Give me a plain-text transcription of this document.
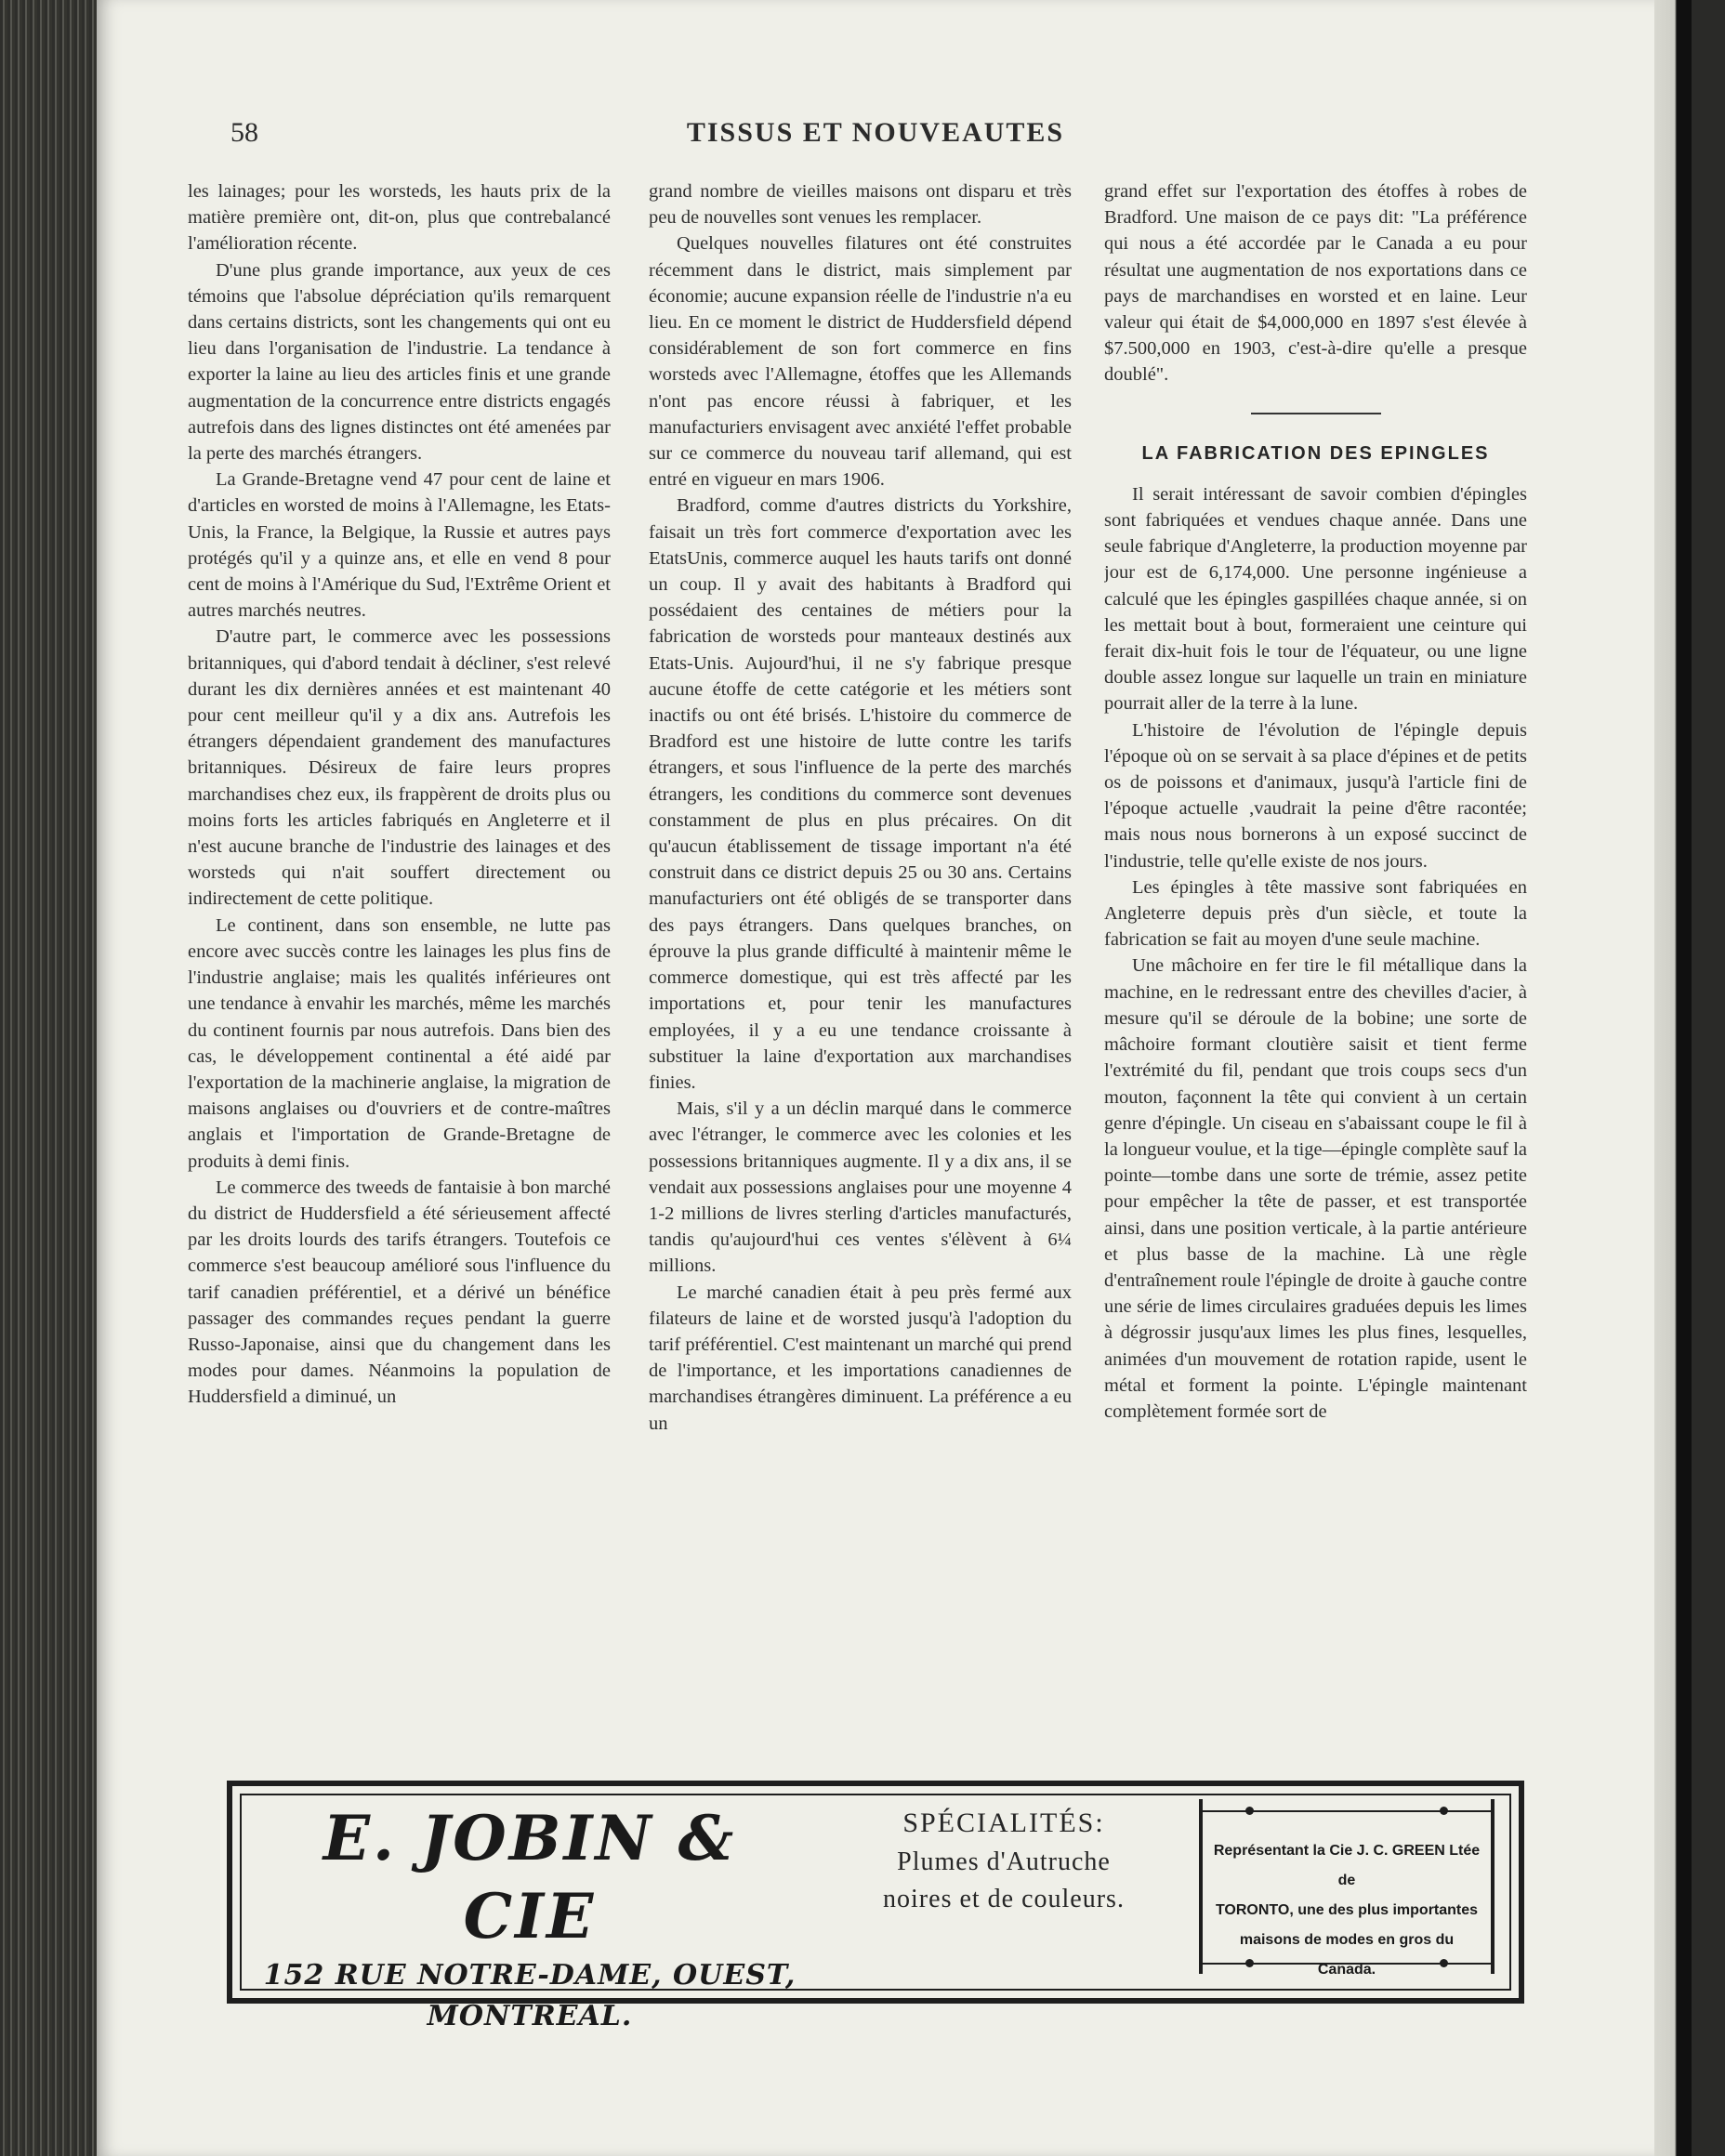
58	TISSUS ET NOUVEAUTES

les lainages; pour les worsteds, les hauts prix de la matière première ont, dit-on, plus que contrebalancé l'amélioration récente.

D'une plus grande importance, aux yeux de ces témoins que l'absolue dépréciation qu'ils remarquent dans certains districts, sont les changements qui ont eu lieu dans l'organisation de l'industrie. La tendance à exporter la laine au lieu des articles finis et une grande augmentation de la concurrence entre districts engagés autrefois dans des lignes distinctes ont été amenées par la perte des marchés étrangers.

La Grande-Bretagne vend 47 pour cent de laine et d'articles en worsted de moins à l'Allemagne, les Etats-Unis, la France, la Belgique, la Russie et autres pays protégés qu'il y a quinze ans, et elle en vend 8 pour cent de moins à l'Amérique du Sud, l'Extrême Orient et autres marchés neutres.

D'autre part, le commerce avec les possessions britanniques, qui d'abord tendait à décliner, s'est relevé durant les dix dernières années et est maintenant 40 pour cent meilleur qu'il y a dix ans. Autrefois les étrangers dépendaient grandement des manufactures britanniques. Désireux de faire leurs propres marchandises chez eux, ils frappèrent de droits plus ou moins forts les articles fabriqués en Angleterre et il n'est aucune branche de l'industrie des lainages et des worsteds qui n'ait souffert directement ou indirectement de cette politique.

Le continent, dans son ensemble, ne lutte pas encore avec succès contre les lainages les plus fins de l'industrie anglaise; mais les qualités inférieures ont une tendance à envahir les marchés, même les marchés du continent fournis par nous autrefois. Dans bien des cas, le développement continental a été aidé par l'exportation de la machinerie anglaise, la migration de maisons anglaises ou d'ouvriers et de contre-maîtres anglais et l'importation de Grande-Bretagne de produits à demi finis.

Le commerce des tweeds de fantaisie à bon marché du district de Huddersfield a été sérieusement affecté par les droits lourds des tarifs étrangers. Toutefois ce commerce s'est beaucoup amélioré sous l'influence du tarif canadien préférentiel, et a dérivé un bénéfice passager des commandes reçues pendant la guerre Russo-Japonaise, ainsi que du changement dans les modes pour dames. Néanmoins la population de Huddersfield a diminué, un

grand nombre de vieilles maisons ont disparu et très peu de nouvelles sont venues les remplacer.

Quelques nouvelles filatures ont été construites récemment dans le district, mais simplement par économie; aucune expansion réelle de l'industrie n'a eu lieu. En ce moment le district de Huddersfield dépend considérablement de son fort commerce en fins worsteds avec l'Allemagne, étoffes que les Allemands n'ont pas encore réussi à fabriquer, et les manufacturiers envisagent avec anxiété l'effet probable sur ce commerce du nouveau tarif allemand, qui est entré en vigueur en mars 1906.

Bradford, comme d'autres districts du Yorkshire, faisait un très fort commerce d'exportation avec les EtatsUnis, commerce auquel les hauts tarifs ont donné un coup. Il y avait des habitants à Bradford qui possédaient des centaines de métiers pour la fabrication de worsteds pour manteaux destinés aux Etats-Unis. Aujourd'hui, il ne s'y fabrique presque aucune étoffe de cette catégorie et les métiers sont inactifs ou ont été brisés. L'histoire du commerce de Bradford est une histoire de lutte contre les tarifs étrangers, et sous l'influence de la perte des marchés étrangers, les conditions du commerce sont devenues constamment de plus en plus précaires. On dit qu'aucun établissement de tissage important n'a été construit dans ce district depuis 25 ou 30 ans. Certains manufacturiers ont été obligés de se transporter dans des pays étrangers. Dans quelques branches, on éprouve la plus grande difficulté à maintenir même le commerce domestique, qui est très affecté par les importations et, pour tenir les manufactures employées, il y a eu une tendance croissante à substituer la laine d'exportation aux marchandises finies.

Mais, s'il y a un déclin marqué dans le commerce avec l'étranger, le commerce avec les colonies et les possessions britanniques augmente. Il y a dix ans, il se vendait aux possessions anglaises pour une moyenne 4 1-2 millions de livres sterling d'articles manufacturés, tandis qu'aujourd'hui ces ventes s'élèvent à 6¼ millions.

Le marché canadien était à peu près fermé aux filateurs de laine et de worsted jusqu'à l'adoption du tarif préférentiel. C'est maintenant un marché qui prend de l'importance, et les importations canadiennes de marchandises étrangères diminuent. La préférence a eu un

grand effet sur l'exportation des étoffes à robes de Bradford. Une maison de ce pays dit: "La préférence qui nous a été accordée par le Canada a eu pour résultat une augmentation de nos exportations dans ce pays de marchandises en worsted et en laine. Leur valeur qui était de $4,000,000 en 1897 s'est élevée à $7.500,000 en 1903, c'est-à-dire qu'elle a presque doublé".

LA FABRICATION DES EPINGLES

Il serait intéressant de savoir combien d'épingles sont fabriquées et vendues chaque année. Dans une seule fabrique d'Angleterre, la production moyenne par jour est de 6,174,000. Une personne ingénieuse a calculé que les épingles gaspillées chaque année, si on les mettait bout à bout, formeraient une ceinture qui ferait dix-huit fois le tour de l'équateur, ou une ligne double assez longue sur laquelle un train en miniature pourrait aller de la terre à la lune.

L'histoire de l'évolution de l'épingle depuis l'époque où on se servait à sa place d'épines et de petits os de poissons et d'animaux, jusqu'à l'article fini de l'époque actuelle ,vaudrait la peine d'être racontée; mais nous nous bornerons à un exposé succinct de l'industrie, telle qu'elle existe de nos jours.

Les épingles à tête massive sont fabriquées en Angleterre depuis près d'un siècle, et toute la fabrication se fait au moyen d'une seule machine.

Une mâchoire en fer tire le fil métallique dans la machine, en le redressant entre des chevilles d'acier, à mesure qu'il se déroule de la bobine; une sorte de mâchoire formant cloutière saisit et tient ferme l'extrémité du fil, pendant que trois coups secs d'un mouton, façonnent la tête qui convient à un certain genre d'épingle. Un ciseau en s'abaissant coupe le fil à la longueur voulue, et la tige—épingle complète sauf la pointe—tombe dans une sorte de trémie, assez petite pour empêcher la tête de passer, et est transportée ainsi, dans une position verticale, à la partie antérieure et plus basse de la machine. Là une règle d'entraînement roule l'épingle de droite à gauche contre une série de limes circulaires graduées depuis les limes à dégrossir jusqu'aux limes les plus fines, lesquelles, animées d'un mouvement de rotation rapide, usent le métal et forment la pointe. L'épingle maintenant complètement formée sort de

E. JOBIN & CIE
152 RUE NOTRE-DAME, OUEST,
MONTREAL.
SPÉCIALITÉS:
Plumes d'Autruche
noires et de couleurs.
Représentant la Cie J. C. GREEN Ltée de
TORONTO, une des plus importantes
maisons de modes en gros du Canada.
